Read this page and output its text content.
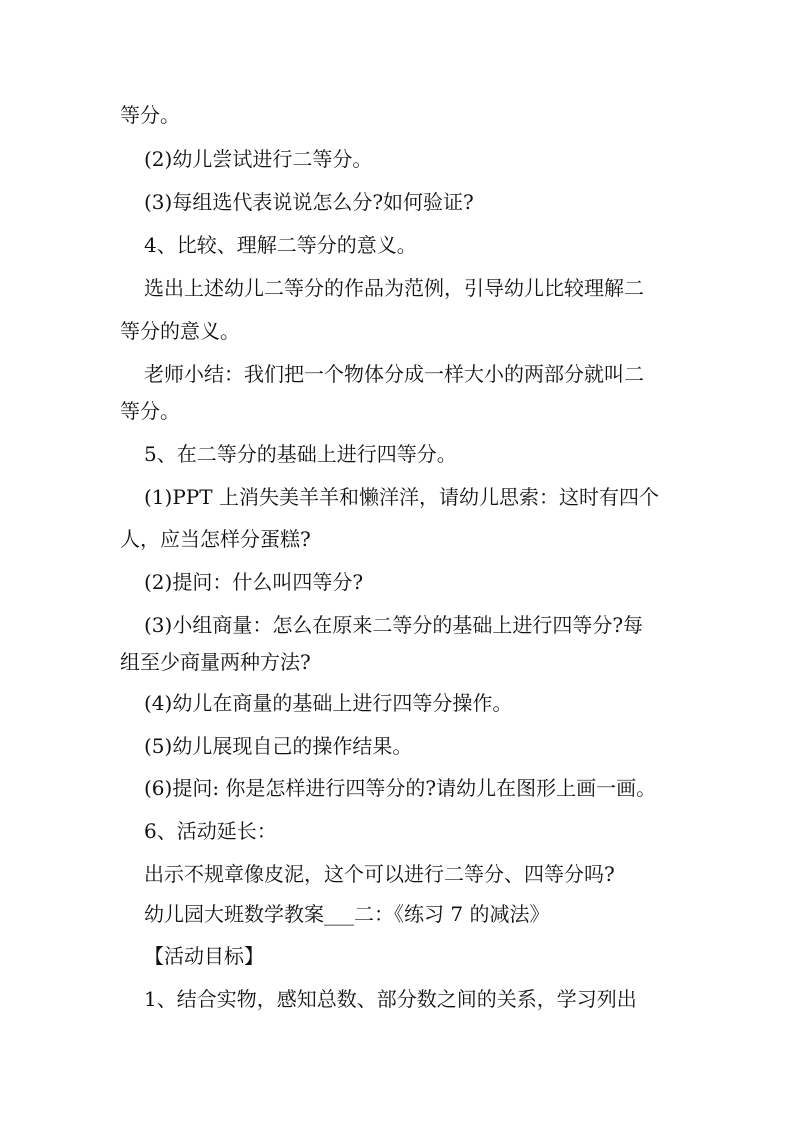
等分。
(2)幼儿尝试进行二等分。
(3)每组选代表说说怎么分?如何验证?
4、比较、理解二等分的意义。
选出上述幼儿二等分的作品为范例，引导幼儿比较理解二
等分的意义。
老师小结：我们把一个物体分成一样大小的两部分就叫二
等分。
5、在二等分的基础上进行四等分。
(1)PPT 上消失美羊羊和懒洋洋，请幼儿思索：这时有四个
人，应当怎样分蛋糕?
(2)提问：什么叫四等分?
(3)小组商量：怎么在原来二等分的基础上进行四等分?每
组至少商量两种方法?
(4)幼儿在商量的基础上进行四等分操作。
(5)幼儿展现自己的操作结果。
(6)提问: 你是怎样进行四等分的?请幼儿在图形上画一画。
6、活动延长：
出示不规章像皮泥，这个可以进行二等分、四等分吗?
幼儿园大班数学教案___二：《练习 7 的减法》
【活动目标】
1、结合实物，感知总数、部分数之间的关系，学习列出
